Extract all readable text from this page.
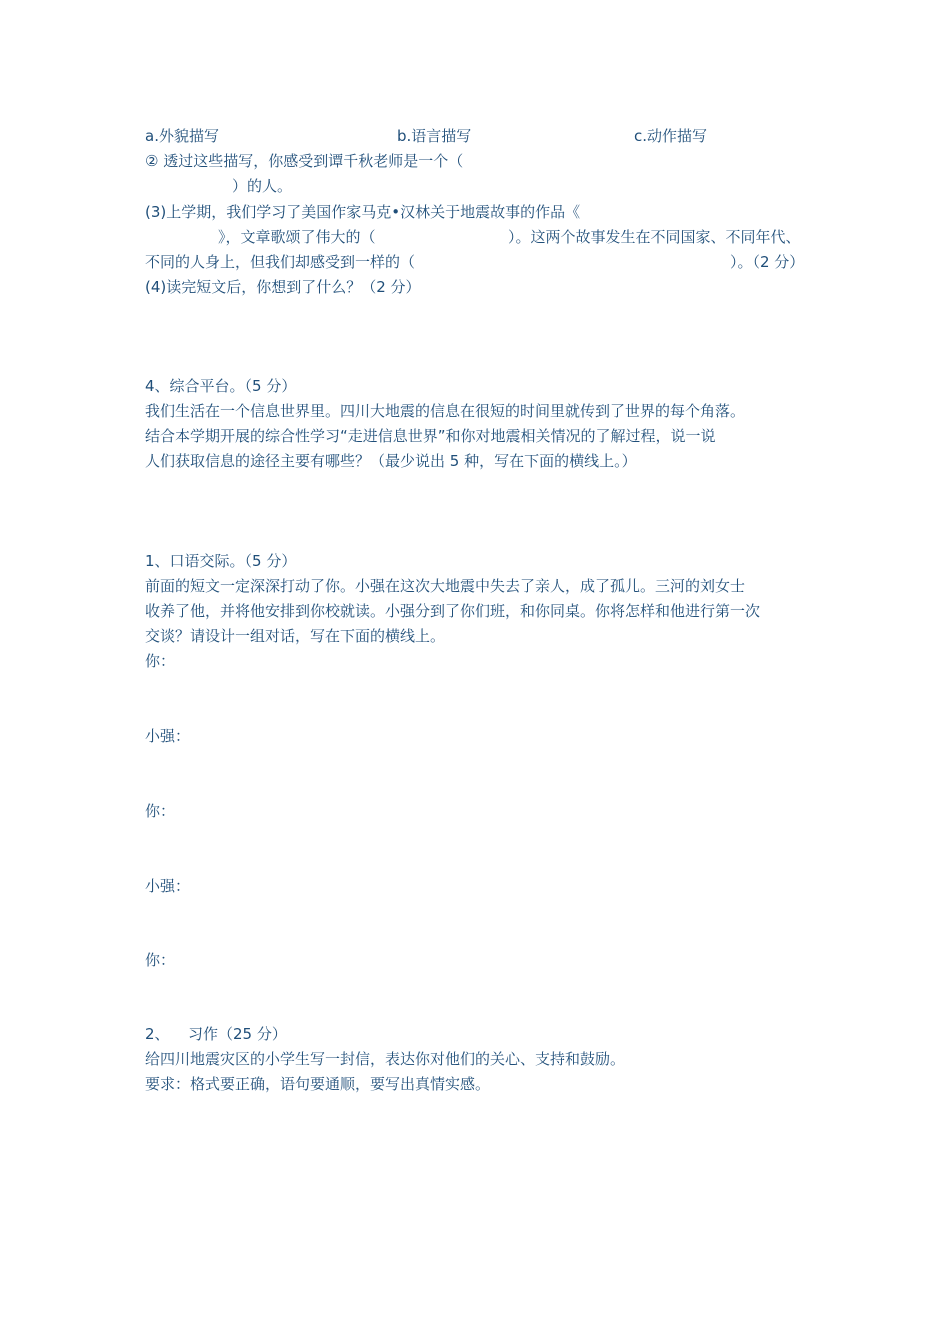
a.外貌描写	b.语言描写	c.动作描写
② 透过这些描写，你感受到谭千秋老师是一个（
）的人。
(3)上学期，我们学习了美国作家马克•汉林关于地震故事的作品《
》，文章歌颂了伟大的（	）。这两个故事发生在不同国家、不同年代、
不同的人身上，但我们却感受到一样的（	）。（2 分）
(4)读完短文后，你想到了什么？（2 分）
4、综合平台。（5 分）
我们生活在一个信息世界里。四川大地震的信息在很短的时间里就传到了世界的每个角落。
结合本学期开展的综合性学习“走进信息世界”和你对地震相关情况的了解过程，说一说
人们获取信息的途径主要有哪些？（最少说出 5 种，写在下面的横线上。）
1、口语交际。（5 分）
前面的短文一定深深打动了你。小强在这次大地震中失去了亲人，成了孤儿。三河的刘女士
收养了他，并将他安排到你校就读。小强分到了你们班，和你同桌。你将怎样和他进行第一次
交谈？请设计一组对话，写在下面的横线上。
你：
小强：
你：
小强：
你：
2、 习作（25 分）
给四川地震灾区的小学生写一封信，表达你对他们的关心、支持和鼓励。
要求：格式要正确，语句要通顺，要写出真情实感。
